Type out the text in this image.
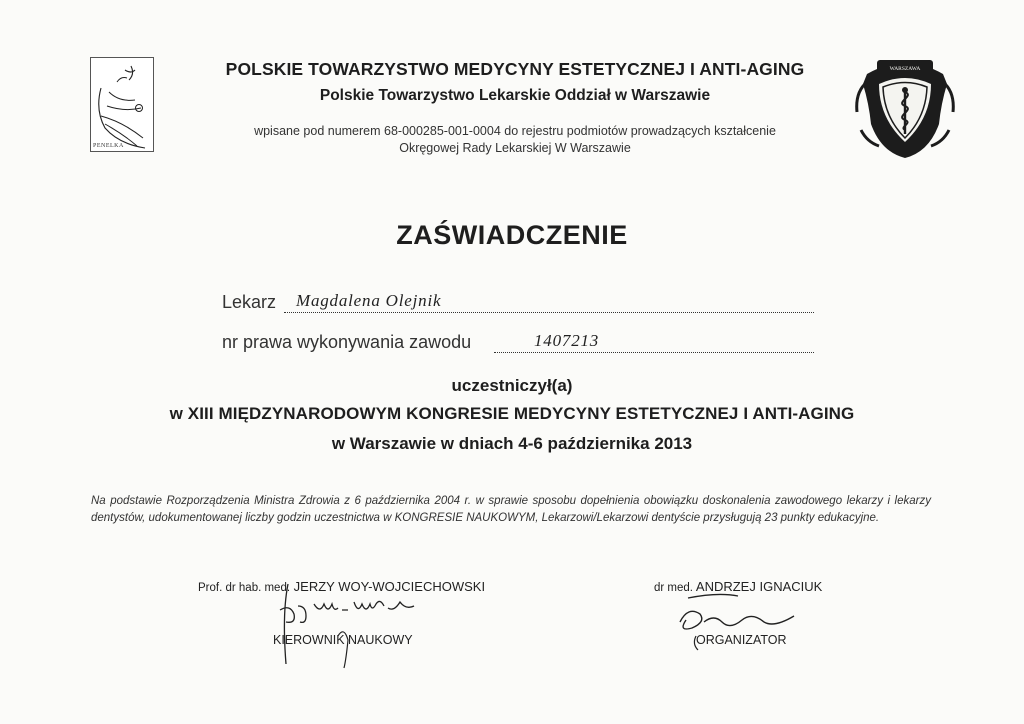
PENELKA
WARSZAWA
POLSKIE TOWARZYSTWO MEDYCYNY ESTETYCZNEJ I ANTI-AGING
Polskie Towarzystwo Lekarskie Oddział w Warszawie
wpisane pod numerem 68-000285-001-0004 do rejestru podmiotów prowadzących kształcenie
Okręgowej Rady Lekarskiej W Warszawie
ZAŚWIADCZENIE
Lekarz Magdalena Olejnik
nr prawa wykonywania zawodu	1407213
uczestniczył(a)
w XIII MIĘDZYNARODOWYM KONGRESIE MEDYCYNY ESTETYCZNEJ I ANTI-AGING
w Warszawie w dniach 4-6 października 2013
Na podstawie Rozporządzenia Ministra Zdrowia z 6 października 2004 r. w sprawie sposobu dopełnienia obowiązku doskonalenia zawodowego lekarzy i lekarzy dentystów, udokumentowanej liczby godzin uczestnictwa w KONGRESIE NAUKOWYM, Lekarzowi/Lekarzowi dentyście przysługują 23 punkty edukacyjne.
Prof. dr hab. med. JERZY WOY-WOJCIECHOWSKI
KIEROWNIK NAUKOWY
dr med. ANDRZEJ IGNACIUK
ORGANIZATOR
